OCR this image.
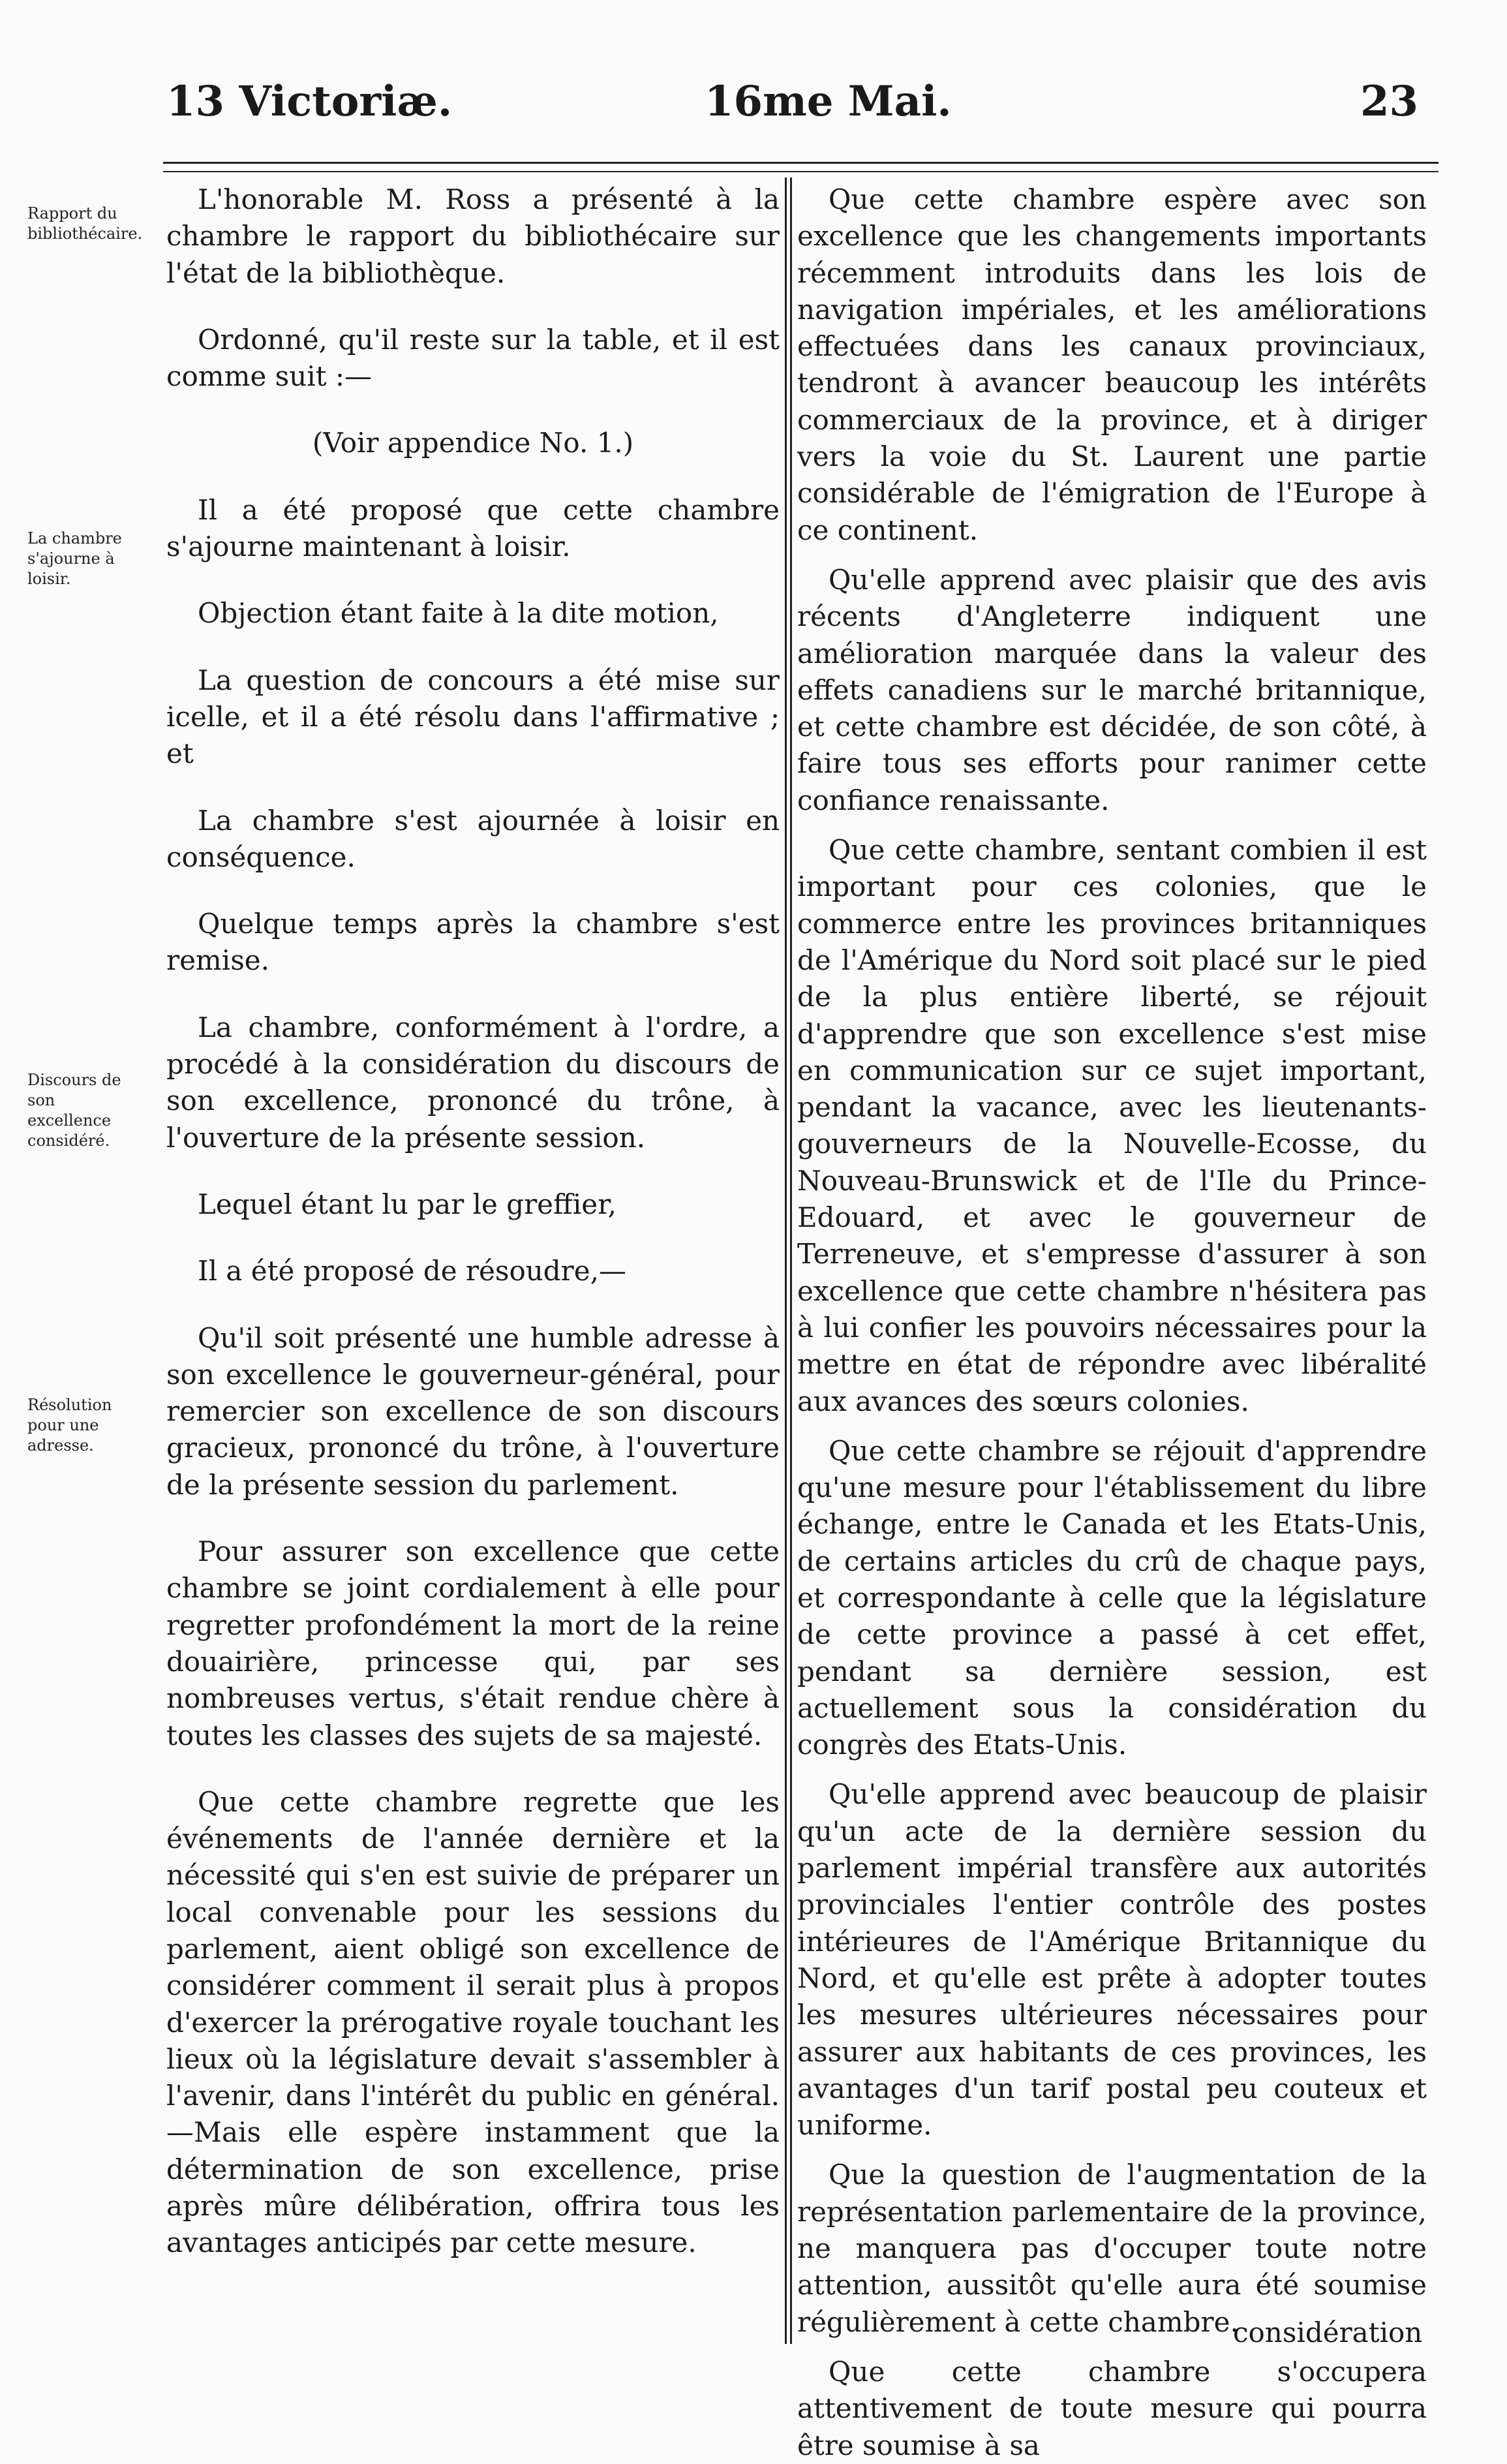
13 Victoriæ.	16me Mai.	23
Rapport du bibliothécaire.
La chambre s'ajourne à loisir.
Discours de son excellence considéré.
Résolution pour une adresse.

L'honorable M. Ross a présenté à la chambre le rapport du bibliothécaire sur l'état de la bibliothèque.

Ordonné, qu'il reste sur la table, et il est comme suit :—

(Voir appendice No. 1.)

Il a été proposé que cette chambre s'ajourne maintenant à loisir.

Objection étant faite à la dite motion,

La question de concours a été mise sur icelle, et il a été résolu dans l'affirmative ; et

La chambre s'est ajournée à loisir en conséquence.

Quelque temps après la chambre s'est remise.

La chambre, conformément à l'ordre, a procédé à la considération du discours de son excellence, prononcé du trône, à l'ouverture de la présente session.

Lequel étant lu par le greffier,

Il a été proposé de résoudre,—

Qu'il soit présenté une humble adresse à son excellence le gouverneur-général, pour remercier son excellence de son discours gracieux, prononcé du trône, à l'ouverture de la présente session du parlement.

Pour assurer son excellence que cette chambre se joint cordialement à elle pour regretter profondément la mort de la reine douairière, princesse qui, par ses nombreuses vertus, s'était rendue chère à toutes les classes des sujets de sa majesté.

Que cette chambre regrette que les événements de l'année dernière et la nécessité qui s'en est suivie de préparer un local convenable pour les sessions du parlement, aient obligé son excellence de considérer comment il serait plus à propos d'exercer la prérogative royale touchant les lieux où la législature devait s'assembler à l'avenir, dans l'intérêt du public en général.—Mais elle espère instamment que la détermination de son excellence, prise après mûre délibération, offrira tous les avantages anticipés par cette mesure.

Que cette chambre espère avec son excellence que les changements importants récemment introduits dans les lois de navigation impériales, et les améliorations effectuées dans les canaux provinciaux, tendront à avancer beaucoup les intérêts commerciaux de la province, et à diriger vers la voie du St. Laurent une partie considérable de l'émigration de l'Europe à ce continent.

Qu'elle apprend avec plaisir que des avis récents d'Angleterre indiquent une amélioration marquée dans la valeur des effets canadiens sur le marché britannique, et cette chambre est décidée, de son côté, à faire tous ses efforts pour ranimer cette confiance renaissante.

Que cette chambre, sentant combien il est important pour ces colonies, que le commerce entre les provinces britanniques de l'Amérique du Nord soit placé sur le pied de la plus entière liberté, se réjouit d'apprendre que son excellence s'est mise en communication sur ce sujet important, pendant la vacance, avec les lieutenants-gouverneurs de la Nouvelle-Ecosse, du Nouveau-Brunswick et de l'Ile du Prince-Edouard, et avec le gouverneur de Terreneuve, et s'empresse d'assurer à son excellence que cette chambre n'hésitera pas à lui confier les pouvoirs nécessaires pour la mettre en état de répondre avec libéralité aux avances des sœurs colonies.

Que cette chambre se réjouit d'apprendre qu'une mesure pour l'établissement du libre échange, entre le Canada et les Etats-Unis, de certains articles du crû de chaque pays, et correspondante à celle que la législature de cette province a passé à cet effet, pendant sa dernière session, est actuellement sous la considération du congrès des Etats-Unis.

Qu'elle apprend avec beaucoup de plaisir qu'un acte de la dernière session du parlement impérial transfère aux autorités provinciales l'entier contrôle des postes intérieures de l'Amérique Britannique du Nord, et qu'elle est prête à adopter toutes les mesures ultérieures nécessaires pour assurer aux habitants de ces provinces, les avantages d'un tarif postal peu couteux et uniforme.

Que la question de l'augmentation de la représentation parlementaire de la province, ne manquera pas d'occuper toute notre attention, aussitôt qu'elle aura été soumise régulièrement à cette chambre.

Que cette chambre s'occupera attentivement de toute mesure qui pourra être soumise à sa

considération
